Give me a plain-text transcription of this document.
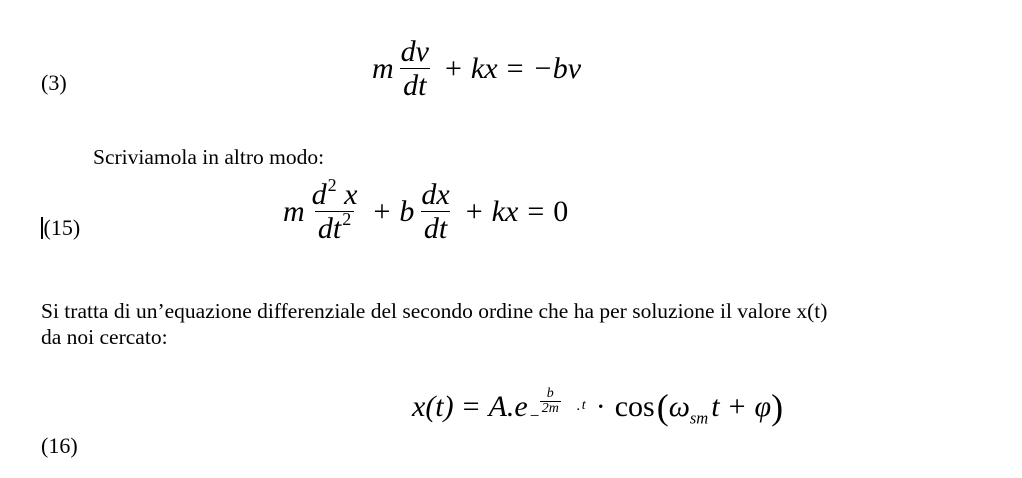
(3)	m $\frac{dv}{dt}$ + kx = −bv
Scriviamola in altro modo:
(15)	m $\frac{d^2 x}{dt^2} + b \frac{dx}{dt}$ + kx = 0
Si tratta di un’equazione differenziale del secondo ordine che ha per soluzione il valore x(t)
da noi cercato:
(16)
$x(t) = A.e - \frac{b}{2m} \cdot t \cdot \cos$ ( $\omega_{sm}$ t + φ )
